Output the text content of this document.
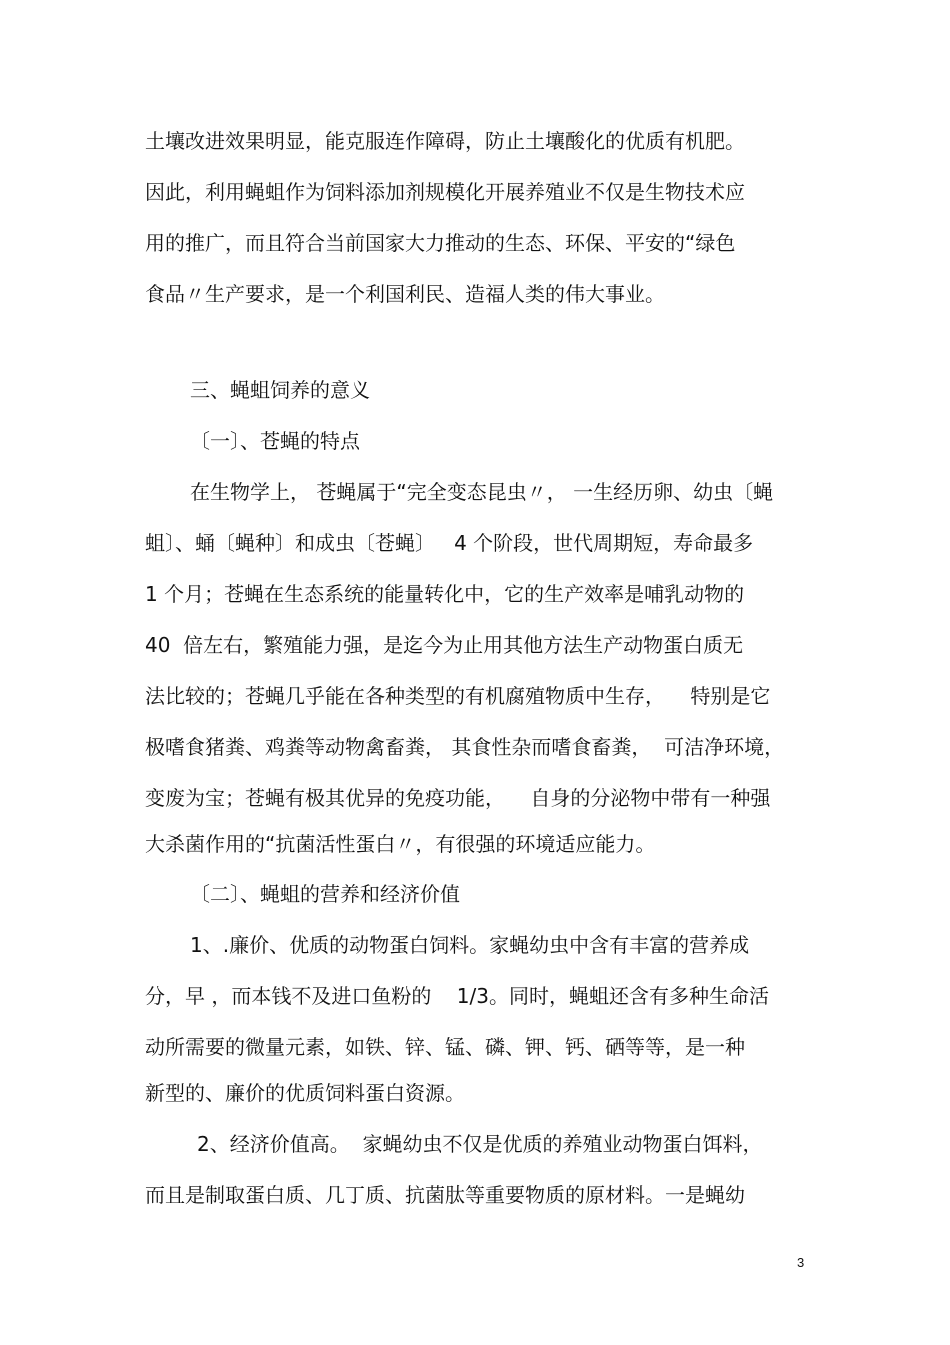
土壤改进效果明显，能克服连作障碍，防止土壤酸化的优质有机肥。
因此，利用蝇蛆作为饲料添加剂规模化开展养殖业不仅是生物技术应
用的推广，而且符合当前国家大力推动的生态、环保、平安的“绿色
食品〃生产要求，是一个利国利民、造福人类的伟大事业。
三、蝇蛆饲养的意义
〔一〕、苍蝇的特点
在生物学上， 苍蝇属于“完全变态昆虫〃， 一生经历卵、幼虫〔蝇
蛆〕、蛹〔蝇种〕和成虫〔苍蝇〕   4 个阶段，世代周期短，寿命最多
1 个月；苍蝇在生态系统的能量转化中，它的生产效率是哺乳动物的
40  倍左右，繁殖能力强，是迄今为止用其他方法生产动物蛋白质无
法比较的；苍蝇几乎能在各种类型的有机腐殖物质中生存，    特别是它
极嗜食猪粪、鸡粪等动物禽畜粪， 其食性杂而嗜食畜粪，  可洁净环境，
变废为宝；苍蝇有极其优异的免疫功能，    自身的分泌物中带有一种强
大杀菌作用的“抗菌活性蛋白〃，有很强的环境适应能力。
〔二〕、蝇蛆的营养和经济价值
1、.廉价、优质的动物蛋白饲料。家蝇幼虫中含有丰富的营养成
分，早 ，而本钱不及进口鱼粉的    1/3。同时，蝇蛆还含有多种生命活
动所需要的微量元素，如铁、锌、锰、磷、钾、钙、硒等等，是一种
新型的、廉价的优质饲料蛋白资源。
2、经济价值高。  家蝇幼虫不仅是优质的养殖业动物蛋白饵料，
而且是制取蛋白质、几丁质、抗菌肽等重要物质的原材料。一是蝇幼
3
